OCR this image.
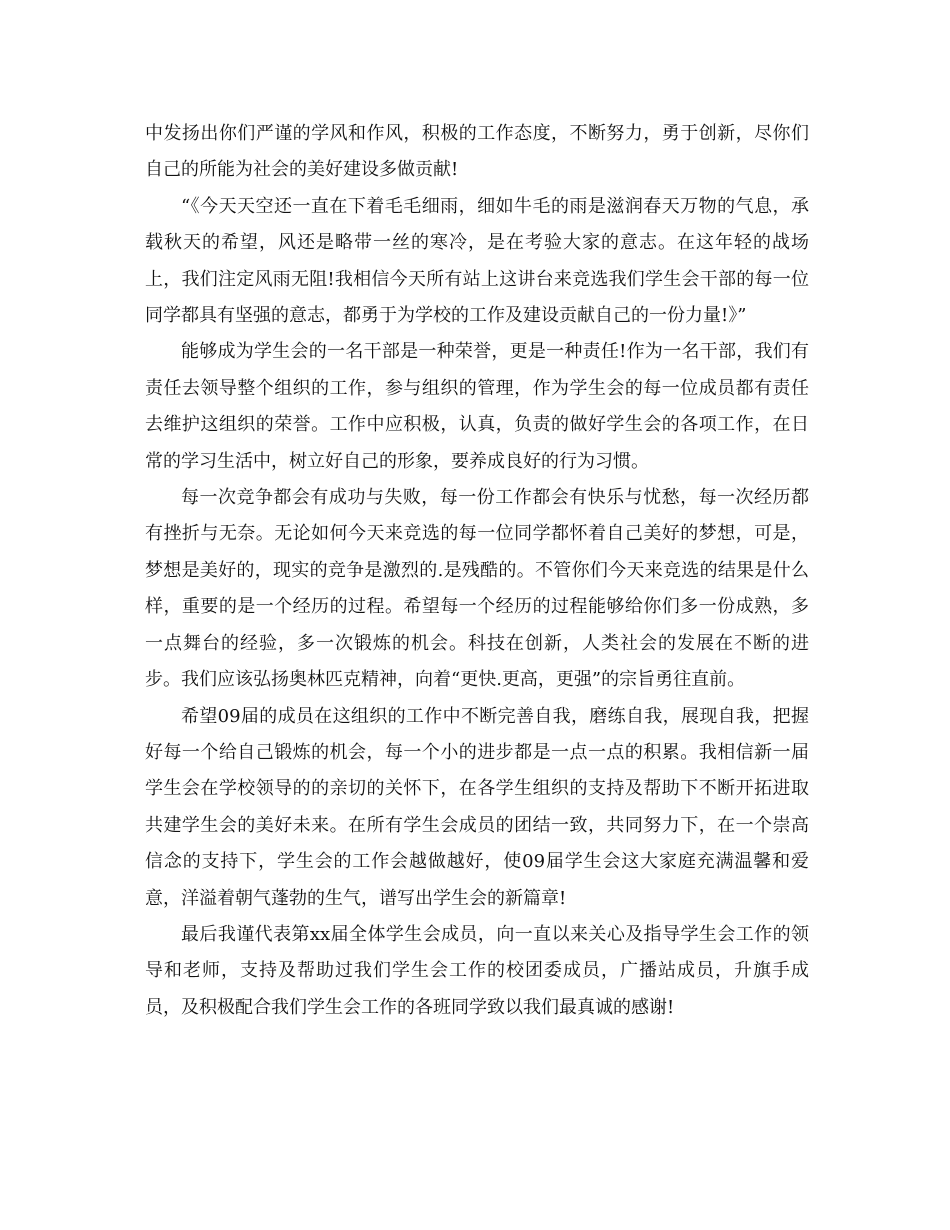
中发扬出你们严谨的学风和作风，积极的工作态度，不断努力，勇于创新，尽你们自己的所能为社会的美好建设多做贡献!

“《今天天空还一直在下着毛毛细雨，细如牛毛的雨是滋润春天万物的气息，承载秋天的希望，风还是略带一丝的寒冷，是在考验大家的意志。在这年轻的战场上，我们注定风雨无阻!我相信今天所有站上这讲台来竞选我们学生会干部的每一位同学都具有坚强的意志，都勇于为学校的工作及建设贡献自己的一份力量!》”

能够成为学生会的一名干部是一种荣誉，更是一种责任!作为一名干部，我们有责任去领导整个组织的工作，参与组织的管理，作为学生会的每一位成员都有责任去维护这组织的荣誉。工作中应积极，认真，负责的做好学生会的各项工作，在日常的学习生活中，树立好自己的形象，要养成良好的行为习惯。

每一次竞争都会有成功与失败，每一份工作都会有快乐与忧愁，每一次经历都有挫折与无奈。无论如何今天来竞选的每一位同学都怀着自己美好的梦想，可是，梦想是美好的，现实的竞争是激烈的.是残酷的。不管你们今天来竞选的结果是什么样，重要的是一个经历的过程。希望每一个经历的过程能够给你们多一份成熟，多一点舞台的经验，多一次锻炼的机会。科技在创新，人类社会的发展在不断的进步。我们应该弘扬奥林匹克精神，向着“更快.更高，更强”的宗旨勇往直前。

希望09届的成员在这组织的工作中不断完善自我，磨练自我，展现自我，把握好每一个给自己锻炼的机会，每一个小的进步都是一点一点的积累。我相信新一届学生会在学校领导的的亲切的关怀下，在各学生组织的支持及帮助下不断开拓进取共建学生会的美好未来。在所有学生会成员的团结一致，共同努力下，在一个崇高信念的支持下，学生会的工作会越做越好，使09届学生会这大家庭充满温馨和爱意，洋溢着朝气蓬勃的生气，谱写出学生会的新篇章!

最后我谨代表第xx届全体学生会成员，向一直以来关心及指导学生会工作的领导和老师，支持及帮助过我们学生会工作的校团委成员，广播站成员，升旗手成员，及积极配合我们学生会工作的各班同学致以我们最真诚的感谢!
